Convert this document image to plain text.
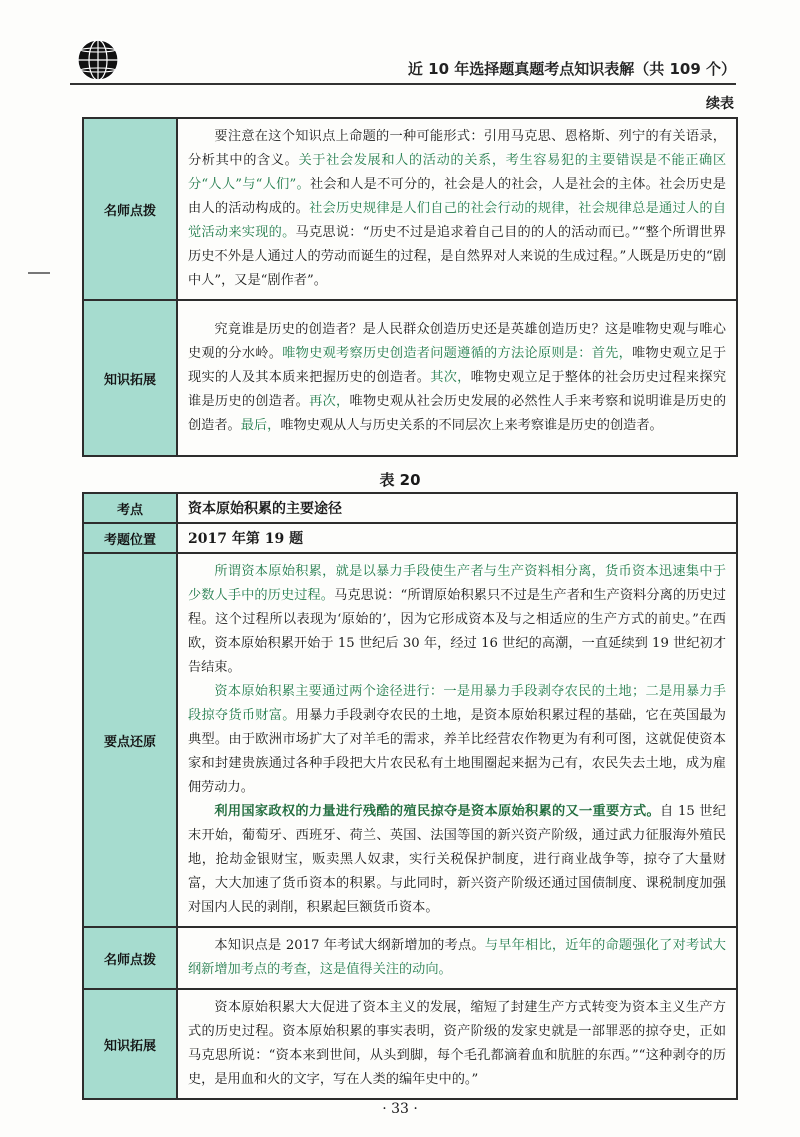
近 10 年选择题真题考点知识表解（共 109 个）
续表
名师点拨	要注意在这个知识点上命题的一种可能形式：引用马克思、恩格斯、列宁的有关语录，分析其中的含义。关于社会发展和人的活动的关系，考生容易犯的主要错误是不能正确区分“人人”与“人们”。社会和人是不可分的，社会是人的社会，人是社会的主体。社会历史是由人的活动构成的。社会历史规律是人们自己的社会行动的规律，社会规律总是通过人的自觉活动来实现的。马克思说：“历史不过是追求着自己目的的人的活动而已。”“整个所谓世界历史不外是人通过人的劳动而诞生的过程，是自然界对人来说的生成过程。”人既是历史的“剧中人”，又是“剧作者”。

知识拓展	究竟谁是历史的创造者？是人民群众创造历史还是英雄创造历史？这是唯物史观与唯心史观的分水岭。唯物史观考察历史创造者问题遵循的方法论原则是：首先，唯物史观立足于现实的人及其本质来把握历史的创造者。其次，唯物史观立足于整体的社会历史过程来探究谁是历史的创造者。再次，唯物史观从社会历史发展的必然性人手来考察和说明谁是历史的创造者。最后，唯物史观从人与历史关系的不同层次上来考察谁是历史的创造者。

表 20
考点	资本原始积累的主要途径
考题位置	2017 年第 19 题
要点还原	所谓资本原始积累，就是以暴力手段使生产者与生产资料相分离，货币资本迅速集中于少数人手中的历史过程。马克思说：“所谓原始积累只不过是生产者和生产资料分离的历史过程。这个过程所以表现为‘原始的’，因为它形成资本及与之相适应的生产方式的前史。”在西欧，资本原始积累开始于 15 世纪后 30 年，经过 16 世纪的高潮，一直延续到 19 世纪初才告结束。

资本原始积累主要通过两个途径进行：一是用暴力手段剥夺农民的土地；二是用暴力手段掠夺货币财富。用暴力手段剥夺农民的土地，是资本原始积累过程的基础，它在英国最为典型。由于欧洲市场扩大了对羊毛的需求，养羊比经营农作物更为有利可图，这就促使资本家和封建贵族通过各种手段把大片农民私有土地围圈起来据为己有，农民失去土地，成为雇佣劳动力。

利用国家政权的力量进行残酷的殖民掠夺是资本原始积累的又一重要方式。自 15 世纪末开始，葡萄牙、西班牙、荷兰、英国、法国等国的新兴资产阶级，通过武力征服海外殖民地，抢劫金银财宝，贩卖黑人奴隶，实行关税保护制度，进行商业战争等，掠夺了大量财富，大大加速了货币资本的积累。与此同时，新兴资产阶级还通过国债制度、课税制度加强对国内人民的剥削，积累起巨额货币资本。

名师点拨	本知识点是 2017 年考试大纲新增加的考点。与早年相比，近年的命题强化了对考试大纲新增加考点的考查，这是值得关注的动向。

知识拓展	资本原始积累大大促进了资本主义的发展，缩短了封建生产方式转变为资本主义生产方式的历史过程。资本原始积累的事实表明，资产阶级的发家史就是一部罪恶的掠夺史，正如马克思所说：“资本来到世间，从头到脚，每个毛孔都滴着血和肮脏的东西。”“这种剥夺的历史，是用血和火的文字，写在人类的编年史中的。”

· 33 ·
